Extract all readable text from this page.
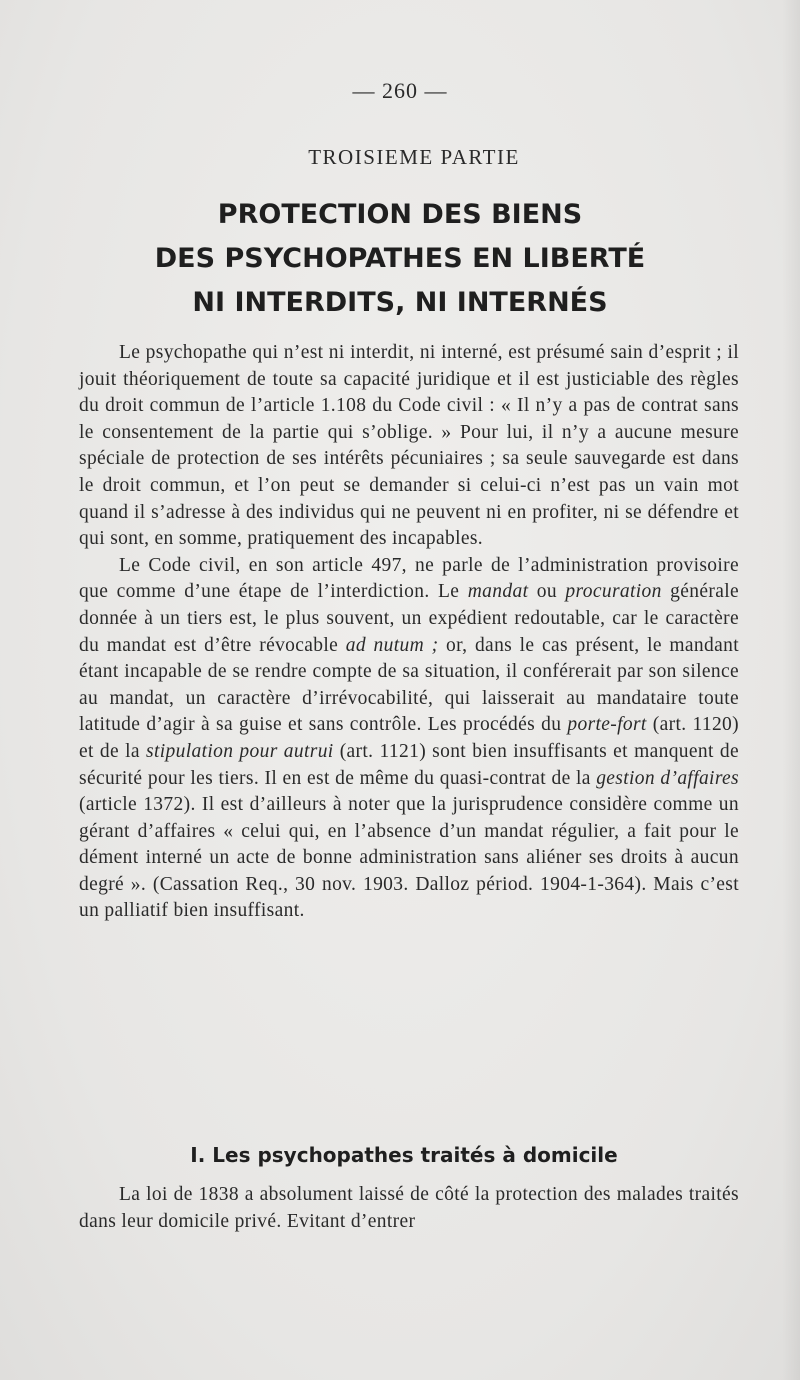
— 260 —
TROISIEME PARTIE
PROTECTION DES BIENS
DES PSYCHOPATHES EN LIBERTÉ
NI INTERDITS, NI INTERNÉS

Le psychopathe qui n’est ni interdit, ni interné, est présumé sain d’esprit ; il jouit théoriquement de toute sa capacité juridique et il est justiciable des règles du droit commun de l’article 1.108 du Code civil : « Il n’y a pas de contrat sans le consentement de la partie qui s’oblige. » Pour lui, il n’y a aucune mesure spéciale de protection de ses intérêts pécuniaires ; sa seule sauvegarde est dans le droit commun, et l’on peut se demander si celui-ci n’est pas un vain mot quand il s’adresse à des individus qui ne peuvent ni en profiter, ni se défendre et qui sont, en somme, pratiquement des incapables.

Le Code civil, en son article 497, ne parle de l’administration provisoire que comme d’une étape de l’interdiction. Le mandat ou procuration générale donnée à un tiers est, le plus souvent, un expédient redoutable, car le caractère du mandat est d’être révocable ad nutum ; or, dans le cas présent, le mandant étant incapable de se rendre compte de sa situation, il conférerait par son silence au mandat, un caractère d’irrévocabilité, qui laisserait au mandataire toute latitude d’agir à sa guise et sans contrôle. Les procédés du porte-fort (art. 1120) et de la stipulation pour autrui (art. 1121) sont bien insuffisants et manquent de sécurité pour les tiers. Il en est de même du quasi-contrat de la gestion d’affaires (article 1372). Il est d’ailleurs à noter que la jurisprudence considère comme un gérant d’affaires « celui qui, en l’absence d’un mandat régulier, a fait pour le dément interné un acte de bonne administration sans aliéner ses droits à aucun degré ». (Cassation Req., 30 nov. 1903. Dalloz périod. 1904-1-364). Mais c’est un palliatif bien insuffisant.

I. Les psychopathes traités à domicile

La loi de 1838 a absolument laissé de côté la protection des malades traités dans leur domicile privé. Evitant d’entrer
